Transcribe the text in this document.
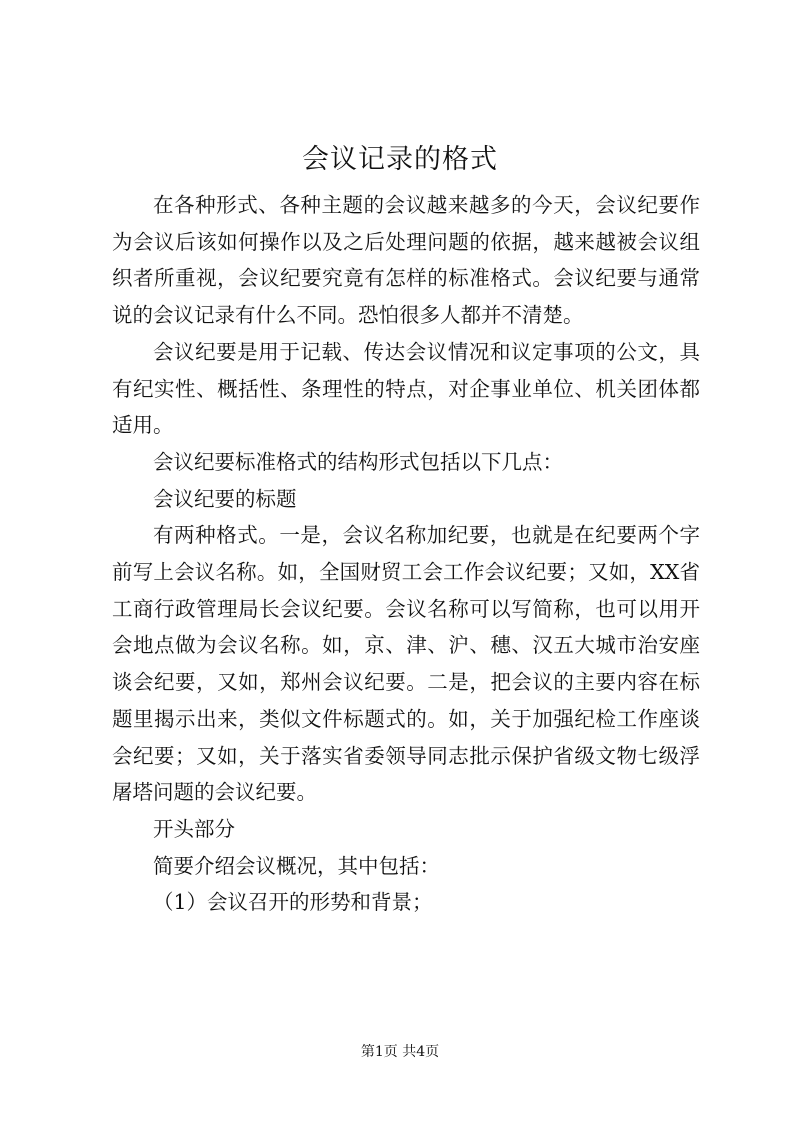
会议记录的格式

在各种形式、各种主题的会议越来越多的今天，会议纪要作为会议后该如何操作以及之后处理问题的依据，越来越被会议组织者所重视，会议纪要究竟有怎样的标准格式。会议纪要与通常说的会议记录有什么不同。恐怕很多人都并不清楚。

会议纪要是用于记载、传达会议情况和议定事项的公文，具有纪实性、概括性、条理性的特点，对企事业单位、机关团体都适用。

会议纪要标准格式的结构形式包括以下几点：

会议纪要的标题

有两种格式。一是，会议名称加纪要，也就是在纪要两个字前写上会议名称。如，全国财贸工会工作会议纪要；又如，XX省工商行政管理局长会议纪要。会议名称可以写简称，也可以用开会地点做为会议名称。如，京、津、沪、穗、汉五大城市治安座谈会纪要，又如，郑州会议纪要。二是，把会议的主要内容在标题里揭示出来，类似文件标题式的。如，关于加强纪检工作座谈会纪要；又如，关于落实省委领导同志批示保护省级文物七级浮屠塔问题的会议纪要。

开头部分

简要介绍会议概况，其中包括：

（1）会议召开的形势和背景；

第1页 共4页
